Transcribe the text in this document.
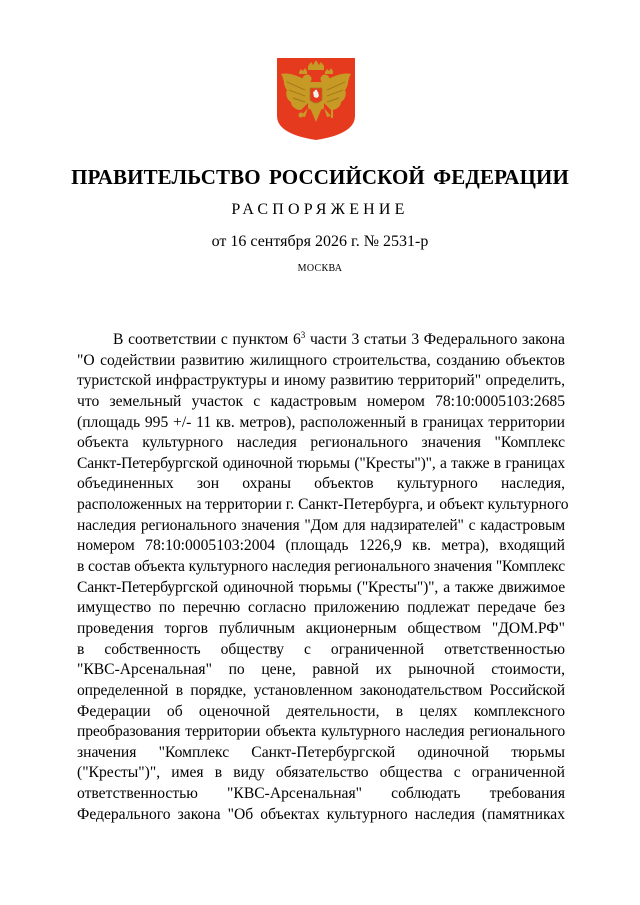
ПРАВИТЕЛЬСТВО РОССИЙСКОЙ ФЕДЕРАЦИИ
РАСПОРЯЖЕНИЕ
от 16 сентября 2026 г. № 2531-р
МОСКВА
В соответствии с пунктом $6^3$ части 3 статьи 3 Федерального закона
"О содействии развитию жилищного строительства, созданию объектов
туристской инфраструктуры и иному развитию территорий" определить,
что земельный участок с кадастровым номером 78:10:0005103:2685
(площадь 995 +/- 11 кв. метров), расположенный в границах территории
объекта культурного наследия регионального значения "Комплекс
Санкт-Петербургской одиночной тюрьмы ("Кресты")", а также в границах
объединенных зон охраны объектов культурного наследия,
расположенных на территории г. Санкт-Петербурга, и объект культурного
наследия регионального значения "Дом для надзирателей" с кадастровым
номером 78:10:0005103:2004 (площадь 1226,9 кв. метра), входящий
в состав объекта культурного наследия регионального значения "Комплекс
Санкт-Петербургской одиночной тюрьмы ("Кресты")", а также движимое
имущество по перечню согласно приложению подлежат передаче без
проведения торгов публичным акционерным обществом "ДОМ.РФ"
в собственность обществу с ограниченной ответственностью
"КВС-Арсенальная" по цене, равной их рыночной стоимости,
определенной в порядке, установленном законодательством Российской
Федерации об оценочной деятельности, в целях комплексного
преобразования территории объекта культурного наследия регионального
значения "Комплекс Санкт-Петербургской одиночной тюрьмы
("Кресты")", имея в виду обязательство общества с ограниченной
ответственностью "КВС-Арсенальная" соблюдать требования
Федерального закона "Об объектах культурного наследия (памятниках
